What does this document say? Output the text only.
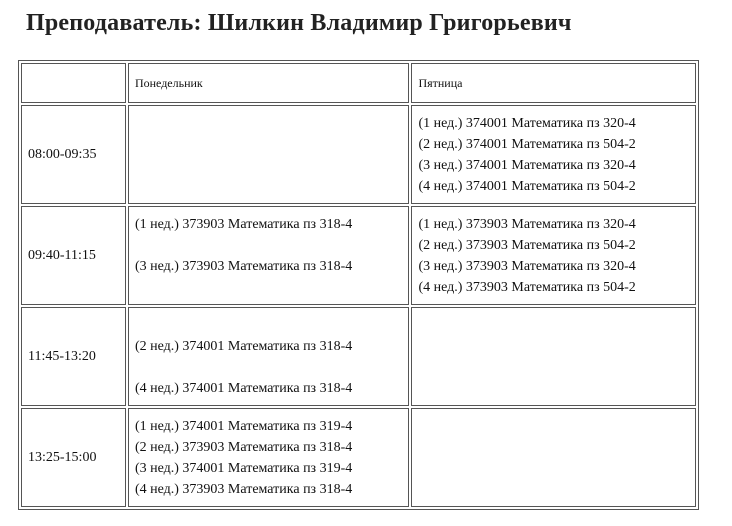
Преподаватель: Шилкин Владимир Григорьевич
	Понедельник	Пятница
08:00-09:35		(1 нед.) 374001 Математика пз 320-4
(2 нед.) 374001 Математика пз 504-2
(3 нед.) 374001 Математика пз 320-4
(4 нед.) 374001 Математика пз 504-2

09:40-11:15	(1 нед.) 373903 Математика пз 318-4
(3 нед.) 373903 Математика пз 318-4	(1 нед.) 373903 Математика пз 320-4
(2 нед.) 373903 Математика пз 504-2
(3 нед.) 373903 Математика пз 320-4
(4 нед.) 373903 Математика пз 504-2

11:45-13:20	(2 нед.) 374001 Математика пз 318-4
(4 нед.) 374001 Математика пз 318-4	

13:25-15:00	(1 нед.) 374001 Математика пз 319-4
(2 нед.) 373903 Математика пз 318-4
(3 нед.) 374001 Математика пз 319-4
(4 нед.) 373903 Математика пз 318-4	
